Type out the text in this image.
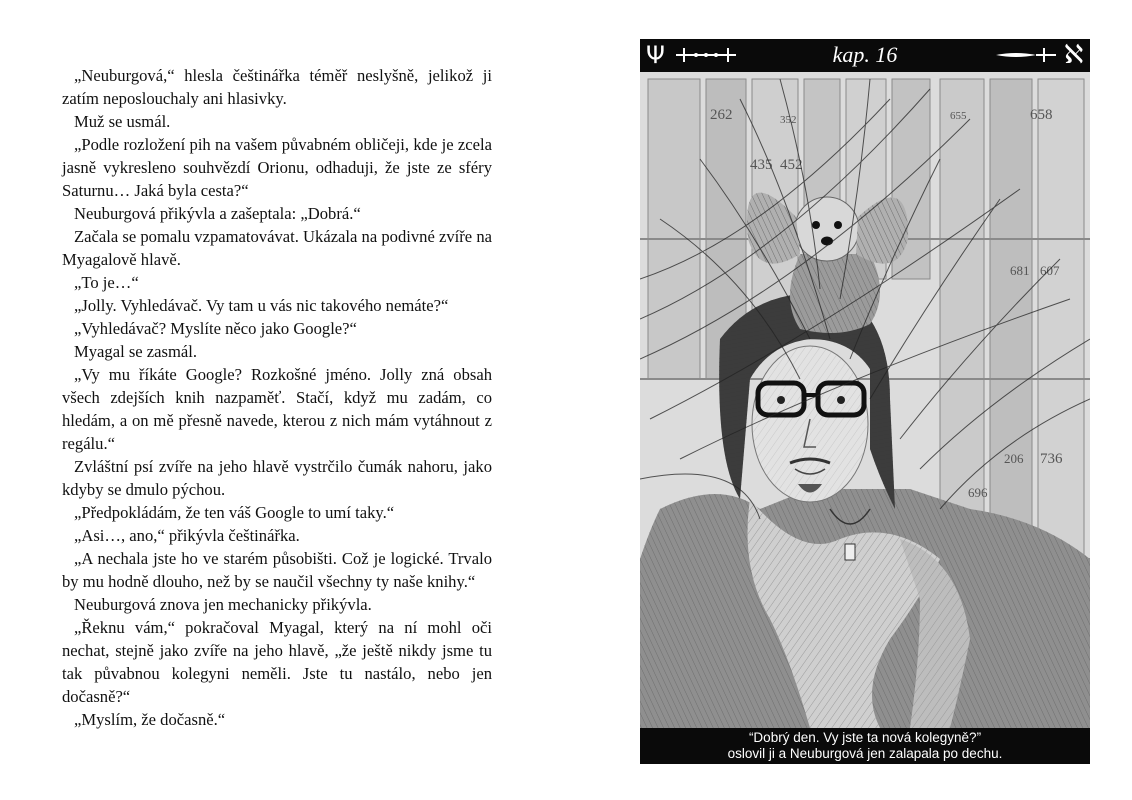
„Neuburgová,“ hlesla češtinářka téměř neslyšně, jelikož ji zatím neposlouchaly ani hlasivky.

Muž se usmál.

„Podle rozložení pih na vašem půvabném obličeji, kde je zcela jasně vykresleno souhvězdí Orionu, odhaduji, že jste ze sféry Saturnu… Jaká byla cesta?“

Neuburgová přikývla a zašeptala: „Dobrá.“

Začala se pomalu vzpamatovávat. Ukázala na podivné zvíře na Myagalově hlavě.

„To je…“

„Jolly. Vyhledávač. Vy tam u vás nic takového nemáte?“

„Vyhledávač? Myslíte něco jako Google?“

Myagal se zasmál.

„Vy mu říkáte Google? Rozkošné jméno. Jolly zná obsah všech zdejších knih nazpaměť. Stačí, když mu zadám, co hledám, a on mě přesně navede, kterou z nich mám vytáhnout z regálu.“

Zvláštní psí zvíře na jeho hlavě vystrčilo čumák nahoru, jako kdyby se dmulo pýchou.

„Předpokládám, že ten váš Google to umí taky.“

„Asi…, ano,“ přikývla češtinářka.

„A nechala jste ho ve starém působišti. Což je logické. Trvalo by mu hodně dlouho, než by se naučil všechny ty naše knihy.“

Neuburgová znova jen mechanicky přikývla.

„Řeknu vám,“ pokračoval Myagal, který na ní mohl oči nechat, stejně jako zvíře na jeho hlavě, „že ještě nikdy jsme tu tak půvabnou kolegyni neměli. Jste tu nastálo, nebo jen dočasně?“

„Myslím, že dočasně.“

262	352	655	658
435 452
681 607
206 736
696
Ψ	kap. 16	ℵ
“Dobrý den. Vy jste ta nová kolegyně?”
oslovil ji a Neuburgová jen zalapala po dechu.
